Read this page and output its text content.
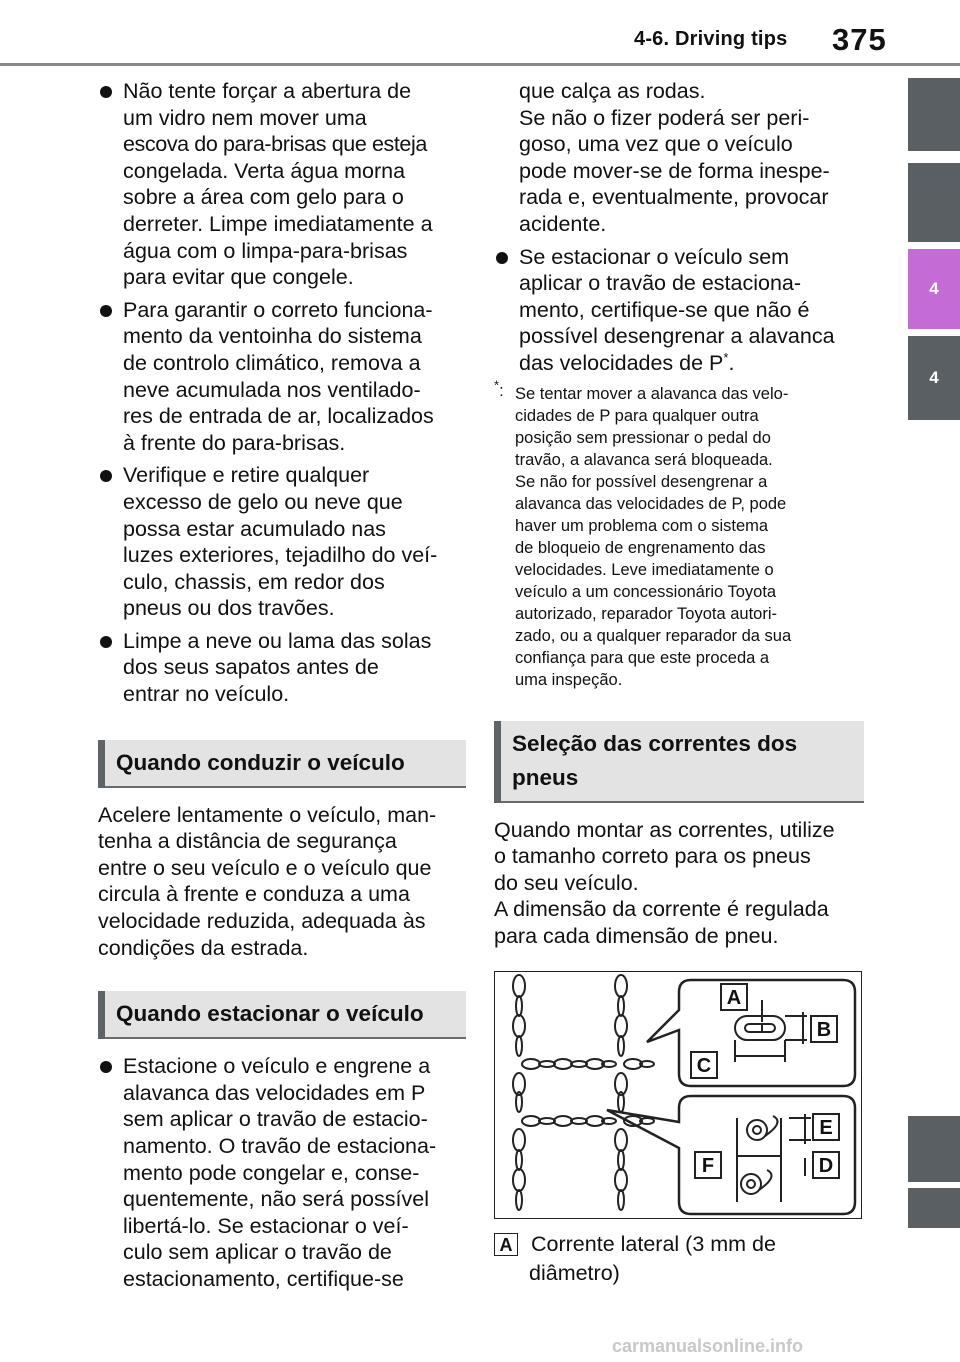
4-6. Driving tips 375
4
4
Não tente forçar a abertura de
um vidro nem mover uma
escova do para-brisas que esteja
congelada. Verta água morna
sobre a área com gelo para o
derreter. Limpe imediatamente a
água com o limpa-para-brisas
para evitar que congele.
Para garantir o correto funciona-
mento da ventoinha do sistema
de controlo climático, remova a
neve acumulada nos ventilado-
res de entrada de ar, localizados
à frente do para-brisas.
Verifique e retire qualquer
excesso de gelo ou neve que
possa estar acumulado nas
luzes exteriores, tejadilho do veí-
culo, chassis, em redor dos
pneus ou dos travões.
Limpe a neve ou lama das solas
dos seus sapatos antes de
entrar no veículo.
Quando conduzir o veículo
Acelere lentamente o veículo, man-
tenha a distância de segurança
entre o seu veículo e o veículo que
circula à frente e conduza a uma
velocidade reduzida, adequada às
condições da estrada.
Quando estacionar o veículo
Estacione o veículo e engrene a
alavanca das velocidades em P
sem aplicar o travão de estacio-
namento. O travão de estaciona-
mento pode congelar e, conse-
quentemente, não será possível
libertá-lo. Se estacionar o veí-
culo sem aplicar o travão de
estacionamento, certifique-se
que calça as rodas.
Se não o fizer poderá ser peri-
goso, uma vez que o veículo
pode mover-se de forma inespe-
rada e, eventualmente, provocar
acidente.
Se estacionar o veículo sem
aplicar o travão de estaciona-
mento, certifique-se que não é
possível desengrenar a alavanca
das velocidades de P*.
*: Se tentar mover a alavanca das velo-
cidades de P para qualquer outra
posição sem pressionar o pedal do
travão, a alavanca será bloqueada.
Se não for possível desengrenar a
alavanca das velocidades de P, pode
haver um problema com o sistema
de bloqueio de engrenamento das
velocidades. Leve imediatamente o
veículo a um concessionário Toyota
autorizado, reparador Toyota autori-
zado, ou a qualquer reparador da sua
confiança para que este proceda a
uma inspeção.
Seleção das correntes dos
pneus
Quando montar as correntes, utilize
o tamanho correto para os pneus
do seu veículo.
A dimensão da corrente é regulada
para cada dimensão de pneu.
A
B
C
E
F	D
A Corrente lateral (3 mm de
diâmetro)
carmanualsonline.info
